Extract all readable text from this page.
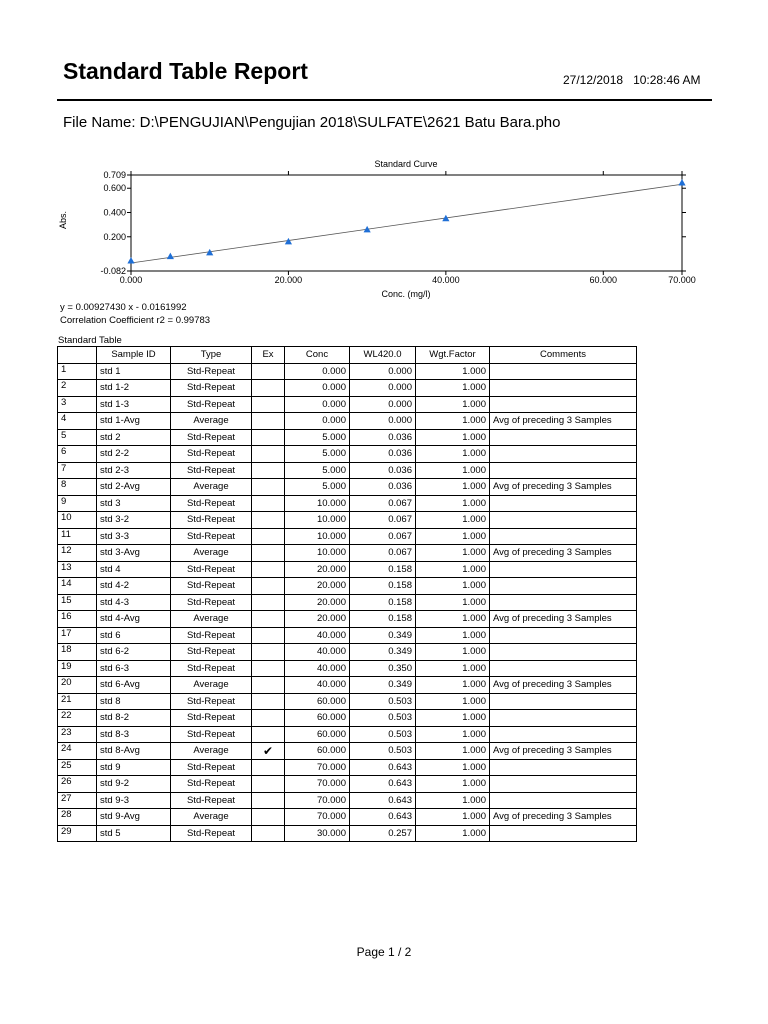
Standard Table Report	27/12/2018 10:28:46 AM
File Name: D:\PENGUJIAN\Pengujian 2018\SULFATE\2621 Batu Bara.pho
Standard Curve
0.709
0.600
0.400
0.200
-0.082
0.000	20.000	40.000	60.000	70.000
Conc. (mg/l)
Abs.
y = 0.00927430 x - 0.0161992
Correlation Coefficient r2 = 0.99783
Standard Table
	Sample ID	Type	Ex	Conc	WL420.0	Wgt.Factor	Comments
1	std 1	Std-Repeat		0.000	0.000	1.000	
2	std 1-2	Std-Repeat		0.000	0.000	1.000	
3	std 1-3	Std-Repeat		0.000	0.000	1.000	
4	std 1-Avg	Average		0.000	0.000	1.000	Avg of preceding 3 Samples
5	std 2	Std-Repeat		5.000	0.036	1.000	
6	std 2-2	Std-Repeat		5.000	0.036	1.000	
7	std 2-3	Std-Repeat		5.000	0.036	1.000	
8	std 2-Avg	Average		5.000	0.036	1.000	Avg of preceding 3 Samples
9	std 3	Std-Repeat		10.000	0.067	1.000	
10	std 3-2	Std-Repeat		10.000	0.067	1.000	
11	std 3-3	Std-Repeat		10.000	0.067	1.000	
12	std 3-Avg	Average		10.000	0.067	1.000	Avg of preceding 3 Samples
13	std 4	Std-Repeat		20.000	0.158	1.000	
14	std 4-2	Std-Repeat		20.000	0.158	1.000	
15	std 4-3	Std-Repeat		20.000	0.158	1.000	
16	std 4-Avg	Average		20.000	0.158	1.000	Avg of preceding 3 Samples
17	std 6	Std-Repeat		40.000	0.349	1.000	
18	std 6-2	Std-Repeat		40.000	0.349	1.000	
19	std 6-3	Std-Repeat		40.000	0.350	1.000	
20	std 6-Avg	Average		40.000	0.349	1.000	Avg of preceding 3 Samples
21	std 8	Std-Repeat		60.000	0.503	1.000	
22	std 8-2	Std-Repeat		60.000	0.503	1.000	
23	std 8-3	Std-Repeat		60.000	0.503	1.000	
24	std 8-Avg	Average	✔	60.000	0.503	1.000	Avg of preceding 3 Samples
25	std 9	Std-Repeat		70.000	0.643	1.000	
26	std 9-2	Std-Repeat		70.000	0.643	1.000	
27	std 9-3	Std-Repeat		70.000	0.643	1.000	
28	std 9-Avg	Average		70.000	0.643	1.000	Avg of preceding 3 Samples
29	std 5	Std-Repeat		30.000	0.257	1.000	
Page 1 / 2
